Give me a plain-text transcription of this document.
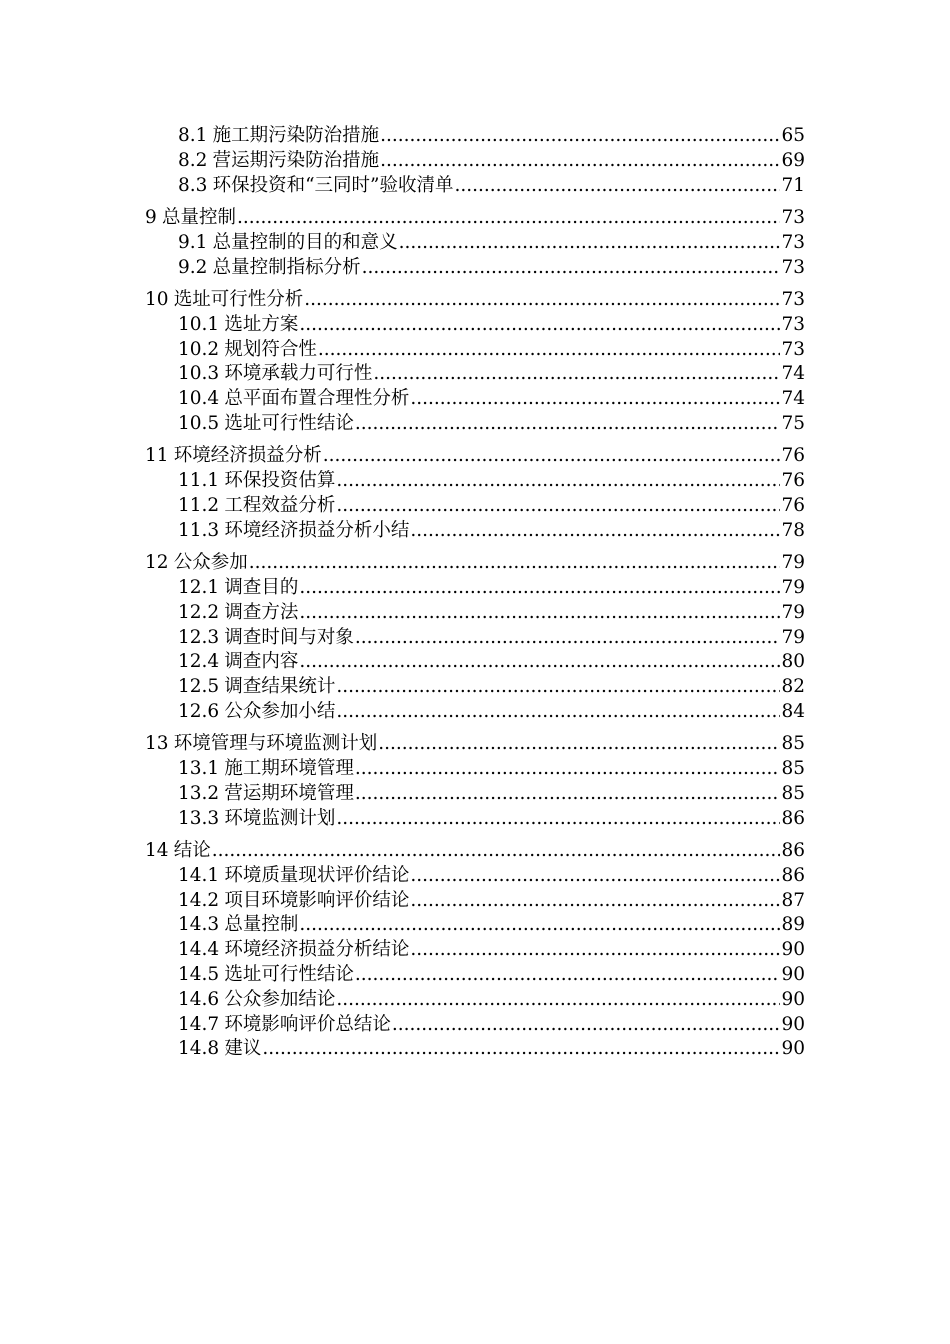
8.1 施工期污染防治措施 .....	65
8.2 营运期污染防治措施 .....	69
8.3 环保投资和“三同时”验收清单 .....	71
9 总量控制 .....	73
9.1 总量控制的目的和意义 .....	73
9.2 总量控制指标分析 .....	73
10 选址可行性分析 .....	73
10.1 选址方案 .....	73
10.2 规划符合性 .....	73
10.3 环境承载力可行性 .....	74
10.4 总平面布置合理性分析 .....	74
10.5 选址可行性结论 .....	75
11 环境经济损益分析 .....	76
11.1 环保投资估算 .....	76
11.2 工程效益分析 .....	76
11.3 环境经济损益分析小结 .....	78
12 公众参加 .....	79
12.1 调查目的 .....	79
12.2 调查方法 .....	79
12.3 调查时间与对象 .....	79
12.4 调查内容 .....	80
12.5 调查结果统计 .....	82
12.6 公众参加小结 .....	84
13 环境管理与环境监测计划 .....	85
13.1 施工期环境管理 .....	85
13.2 营运期环境管理 .....	85
13.3 环境监测计划 .....	86
14 结论 .....	86
14.1 环境质量现状评价结论 .....	86
14.2 项目环境影响评价结论 .....	87
14.3 总量控制 .....	89
14.4 环境经济损益分析结论 .....	90
14.5 选址可行性结论 .....	90
14.6 公众参加结论 .....	90
14.7 环境影响评价总结论 .....	90
14.8 建议 .....	90
